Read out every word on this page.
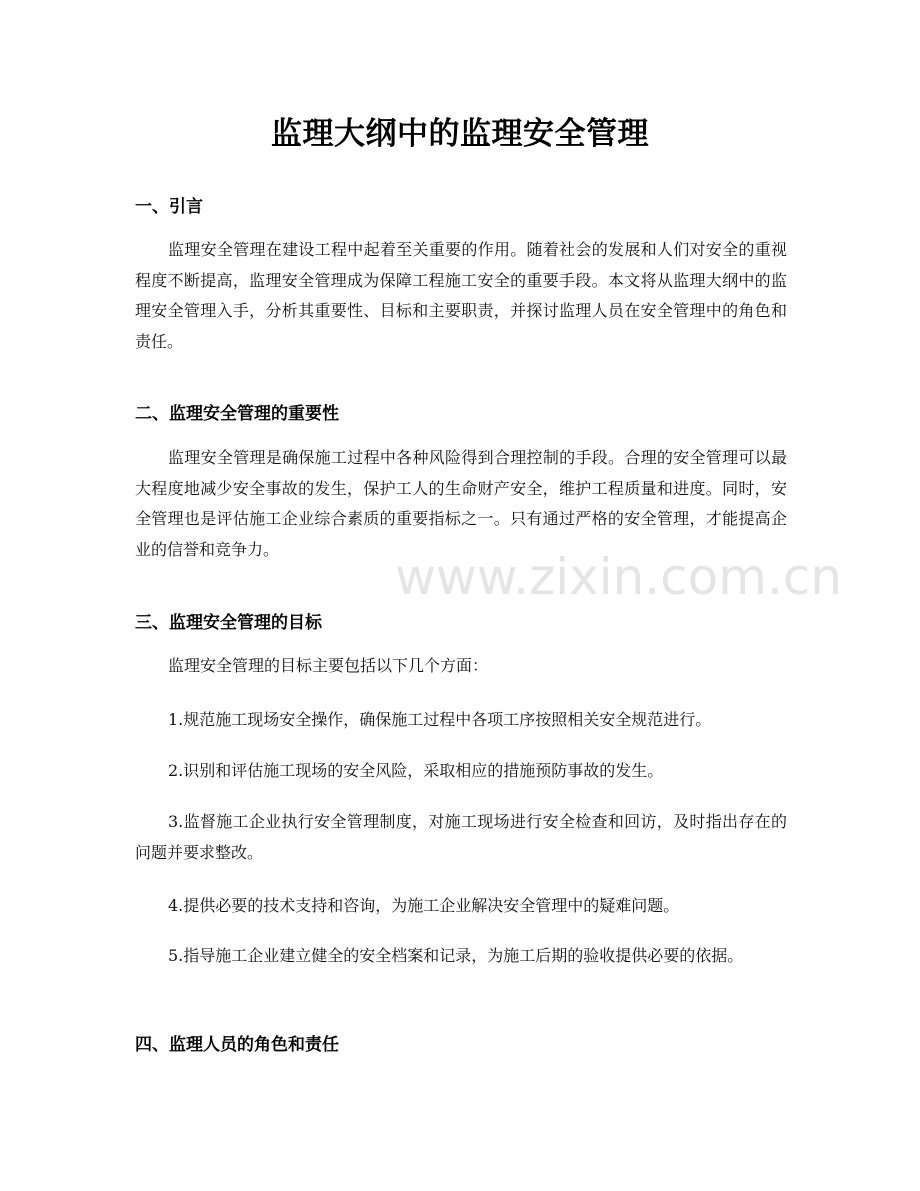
监理大纲中的监理安全管理
一、引言
监理安全管理在建设工程中起着至关重要的作用。随着社会的发展和人们对安全的重视程度不断提高，监理安全管理成为保障工程施工安全的重要手段。本文将从监理大纲中的监理安全管理入手，分析其重要性、目标和主要职责，并探讨监理人员在安全管理中的角色和责任。
二、监理安全管理的重要性
监理安全管理是确保施工过程中各种风险得到合理控制的手段。合理的安全管理可以最大程度地减少安全事故的发生，保护工人的生命财产安全，维护工程质量和进度。同时，安全管理也是评估施工企业综合素质的重要指标之一。只有通过严格的安全管理，才能提高企业的信誉和竞争力。
三、监理安全管理的目标
监理安全管理的目标主要包括以下几个方面：
1.规范施工现场安全操作，确保施工过程中各项工序按照相关安全规范进行。
2.识别和评估施工现场的安全风险，采取相应的措施预防事故的发生。
3.监督施工企业执行安全管理制度，对施工现场进行安全检查和回访，及时指出存在的问题并要求整改。
4.提供必要的技术支持和咨询，为施工企业解决安全管理中的疑难问题。
5.指导施工企业建立健全的安全档案和记录，为施工后期的验收提供必要的依据。
四、监理人员的角色和责任
www.zixin.com.cn
